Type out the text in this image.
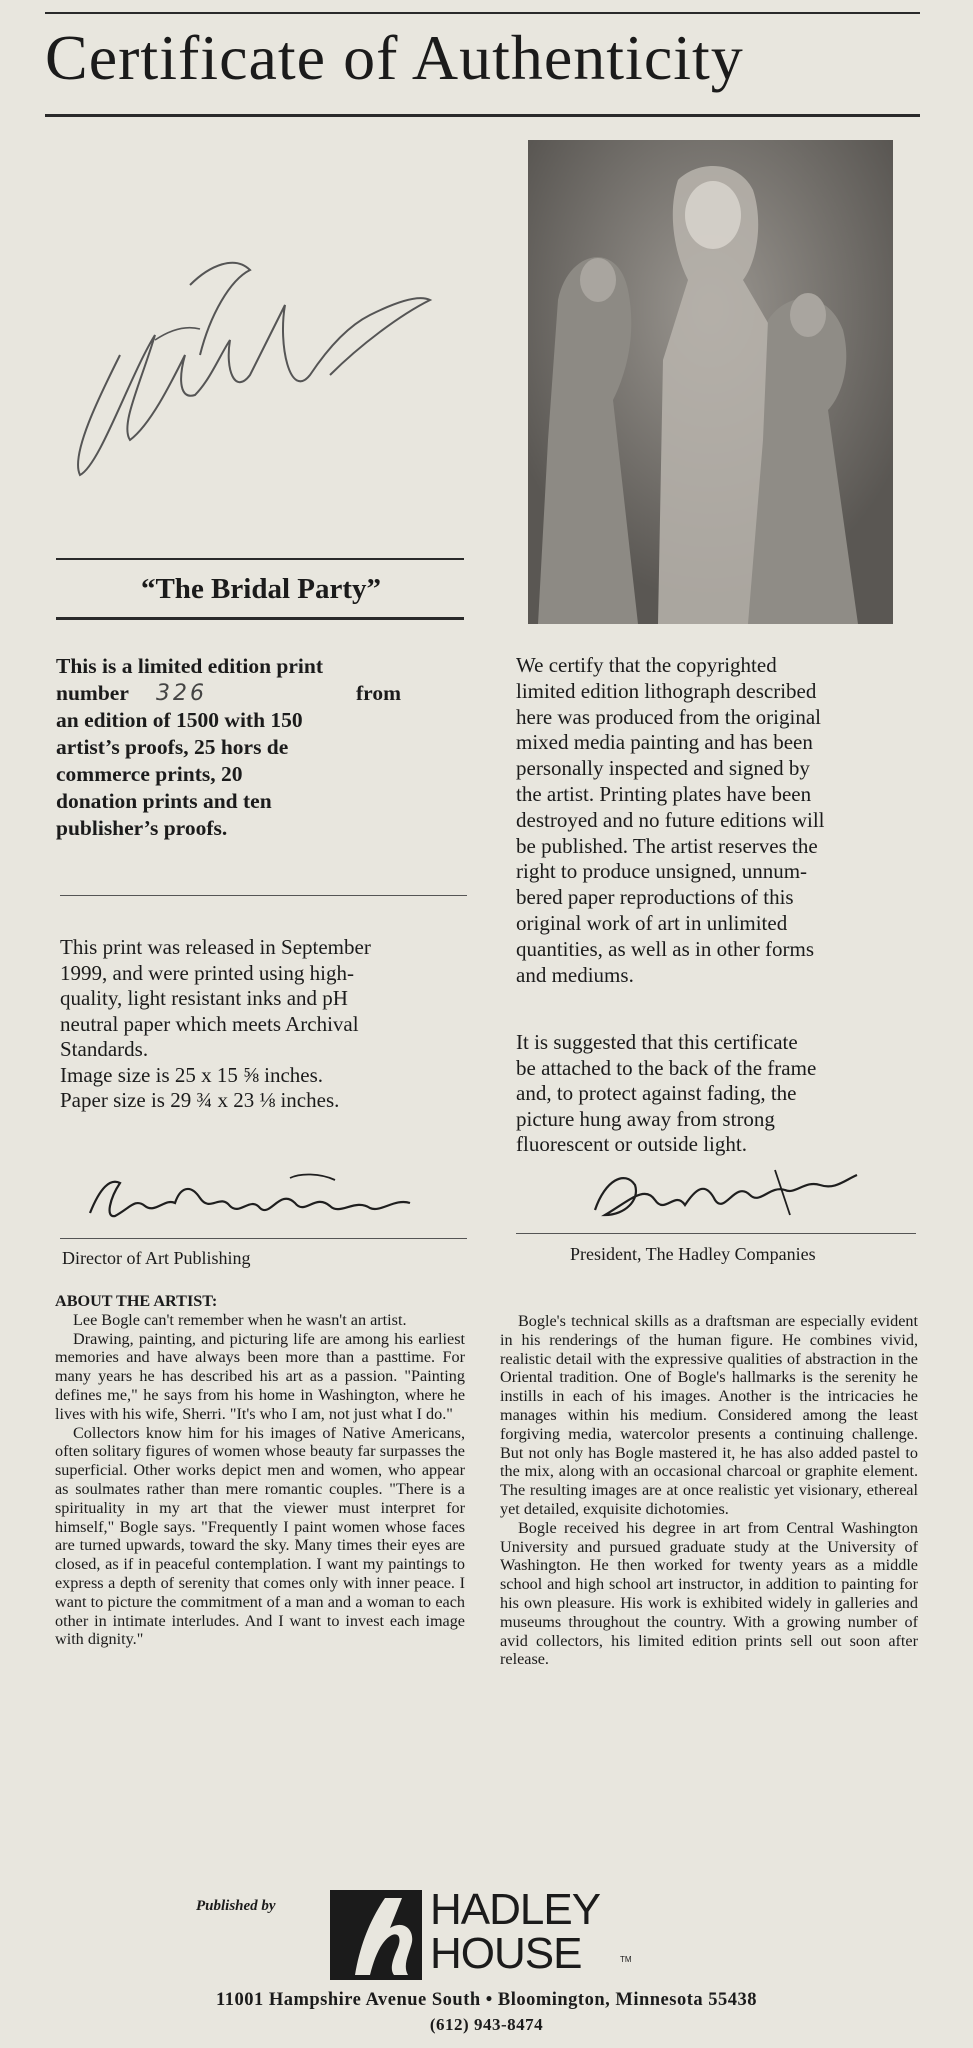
Certificate of Authenticity
“The Bridal Party”
This is a limited edition print
number	326	from
an edition of 1500 with 150
artist’s proofs, 25 hors de
commerce prints, 20
donation prints and ten
publisher’s proofs.
This print was released in September
1999, and were printed using high-
quality, light resistant inks and pH
neutral paper which meets Archival
Standards.
Image size is 25 x 15 ⅝ inches.
Paper size is 29 ¾ x 23 ⅛ inches.
We certify that the copyrighted
limited edition lithograph described
here was produced from the original
mixed media painting and has been
personally inspected and signed by
the artist. Printing plates have been
destroyed and no future editions will
be published. The artist reserves the
right to produce unsigned, unnum-
bered paper reproductions of this
original work of art in unlimited
quantities, as well as in other forms
and mediums.
It is suggested that this certificate
be attached to the back of the frame
and, to protect against fading, the
picture hung away from strong
fluorescent or outside light.
Director of Art Publishing	President, The Hadley Companies

ABOUT THE ARTIST:

Lee Bogle can't remember when he wasn't an artist.

Drawing, painting, and picturing life are among his earliest memories and have always been more than a pasttime. For many years he has described his art as a passion. "Painting defines me," he says from his home in Washington, where he lives with his wife, Sherri. "It's who I am, not just what I do."

Collectors know him for his images of Native Americans, often solitary figures of women whose beauty far surpasses the superficial. Other works depict men and women, who appear as soulmates rather than mere romantic couples. "There is a spirituality in my art that the viewer must interpret for himself," Bogle says. "Frequently I paint women whose faces are turned upwards, toward the sky. Many times their eyes are closed, as if in peaceful contemplation. I want my paintings to express a depth of serenity that comes only with inner peace. I want to picture the commitment of a man and a woman to each other in intimate interludes. And I want to invest each image with dignity."

Bogle's technical skills as a draftsman are especially evident in his renderings of the human figure. He combines vivid, realistic detail with the expressive qualities of abstraction in the Oriental tradition. One of Bogle's hallmarks is the serenity he instills in each of his images. Another is the intricacies he manages within his medium. Considered among the least forgiving media, watercolor presents a continuing challenge. But not only has Bogle mastered it, he has also added pastel to the mix, along with an occasional charcoal or graphite element. The resulting images are at once realistic yet visionary, ethereal yet detailed, exquisite dichotomies.

Bogle received his degree in art from Central Washington University and pursued graduate study at the University of Washington. He then worked for twenty years as a middle school and high school art instructor, in addition to painting for his own pleasure. His work is exhibited widely in galleries and museums throughout the country. With a growing number of avid collectors, his limited edition prints sell out soon after release.

Published by	HADLEY
HOUSE	TM
11001 Hampshire Avenue South • Bloomington, Minnesota 55438
(612) 943-8474
